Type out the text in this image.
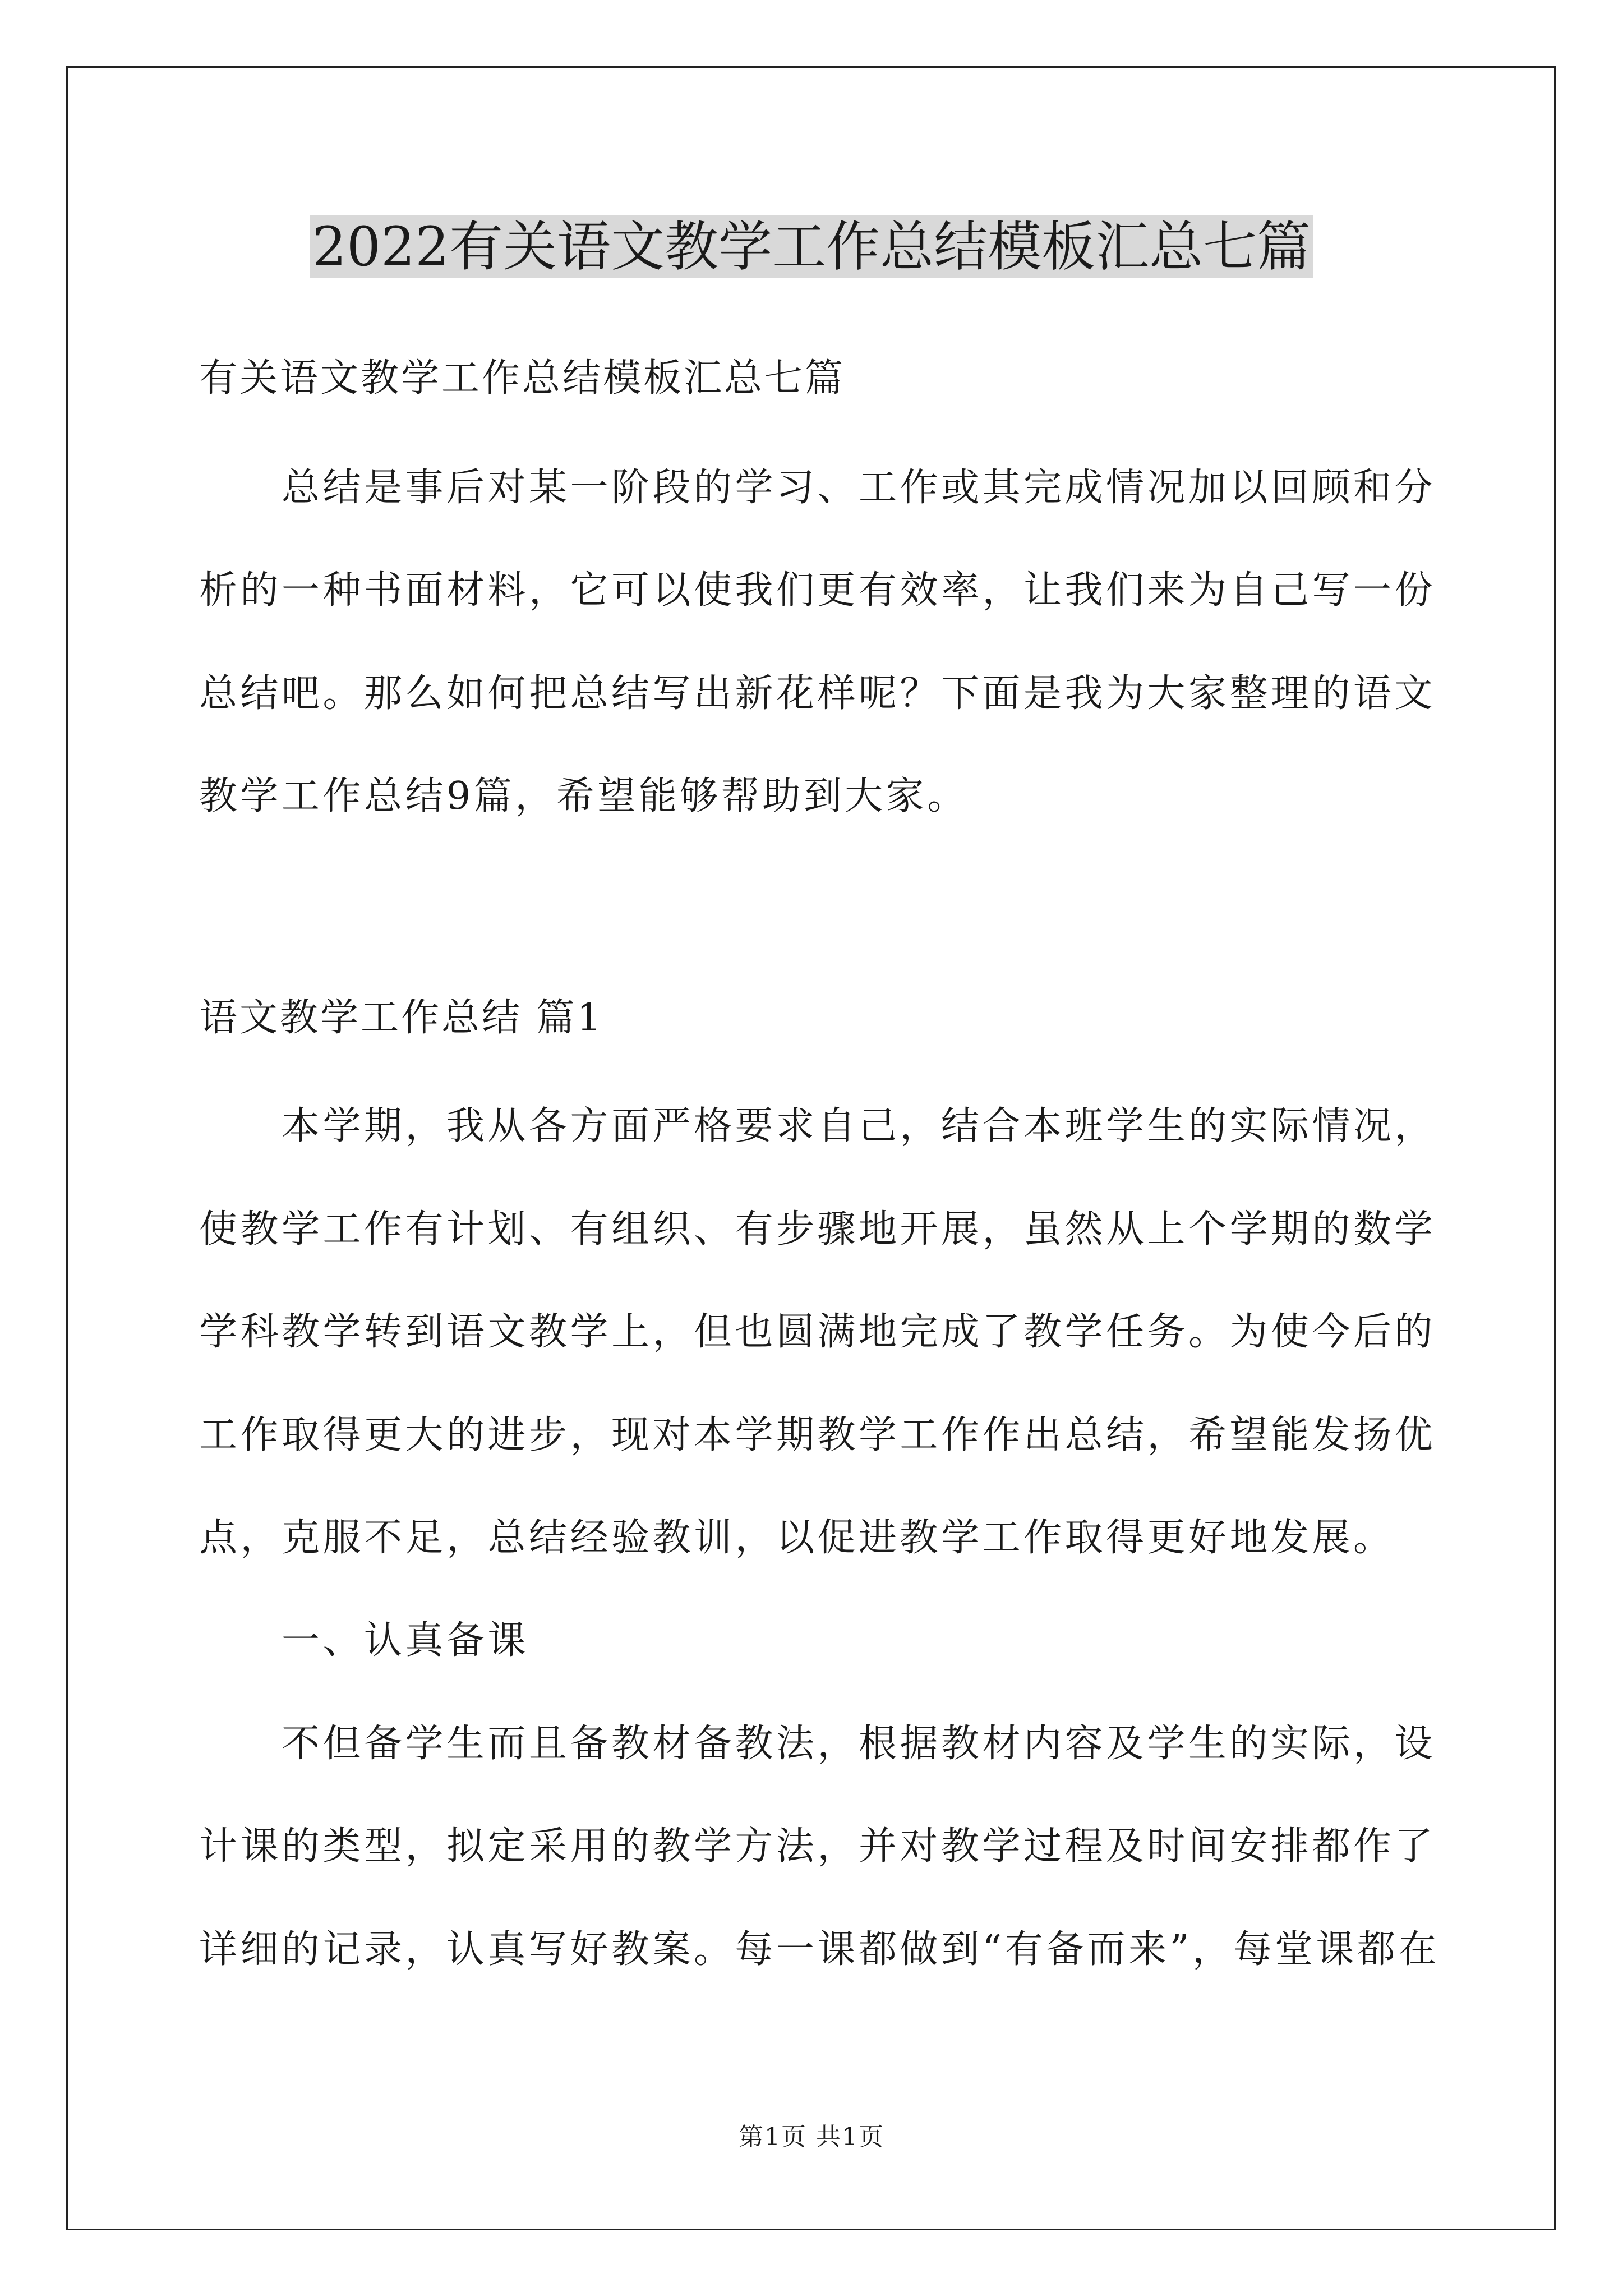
2022有关语文教学工作总结模板汇总七篇
有关语文教学工作总结模板汇总七篇
总结是事后对某一阶段的学习、工作或其完成情况加以回顾和分
析的一种书面材料，它可以使我们更有效率，让我们来为自己写一份
总结吧。那么如何把总结写出新花样呢？下面是我为大家整理的语文
教学工作总结9篇，希望能够帮助到大家。
语文教学工作总结 篇1
本学期，我从各方面严格要求自己，结合本班学生的实际情况，
使教学工作有计划、有组织、有步骤地开展，虽然从上个学期的数学
学科教学转到语文教学上，但也圆满地完成了教学任务。为使今后的
工作取得更大的进步，现对本学期教学工作作出总结，希望能发扬优
点，克服不足，总结经验教训，以促进教学工作取得更好地发展。
一、认真备课
不但备学生而且备教材备教法，根据教材内容及学生的实际，设
计课的类型，拟定采用的教学方法，并对教学过程及时间安排都作了
详细的记录，认真写好教案。每一课都做到“有备而来”，每堂课都在
第1页 共1页
